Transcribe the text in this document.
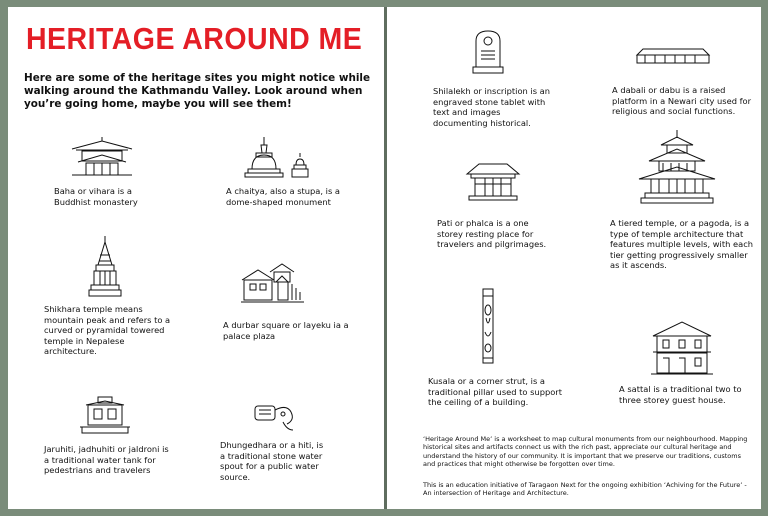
HERITAGE AROUND ME
Here are some of the heritage sites you might notice while walking around the Kathmandu Valley. Look around when you’re going home, maybe you will see them!
Baha or vihara is a Buddhist monastery
A chaitya, also a stupa, is a dome-shaped monument
Shikhara temple means mountain peak and refers to a curved or pyramidal towered temple in Nepalese architecture.
A durbar square or layeku ia a palace plaza
Jaruhiti, jadhuhiti or jaldroni is a traditional water tank for pedestrians and travelers
Dhungedhara or a hiti, is a traditional stone water spout for a public water source.
Shilalekh or inscription is an engraved stone tablet with text and images documenting historical.
A dabali or dabu is a raised platform in a Newari city used for religious and social functions.
Pati or phalca is a one storey resting place for travelers and pilgrimages.
A tiered temple, or a pagoda, is a type of temple architecture that features multiple levels, with each tier getting progressively smaller as it ascends.
Kusala or a corner strut, is a traditional pillar used to support the ceiling of a building.
A sattal is a traditional two to three storey guest house.
‘Heritage Around Me’ is a worksheet to map cultural monuments from our neighbourhood. Mapping historical sites and artifacts connect us with the rich past, appreciate our cultural heritage and understand the history of our community. It is important that we preserve our traditions, customs and practices that might otherwise be forgotten over time.
This is an education initiative of Taragaon Next for the ongoing exhibition ‘Achiving for the Future’ - An intersection of Heritage and Architecture.
